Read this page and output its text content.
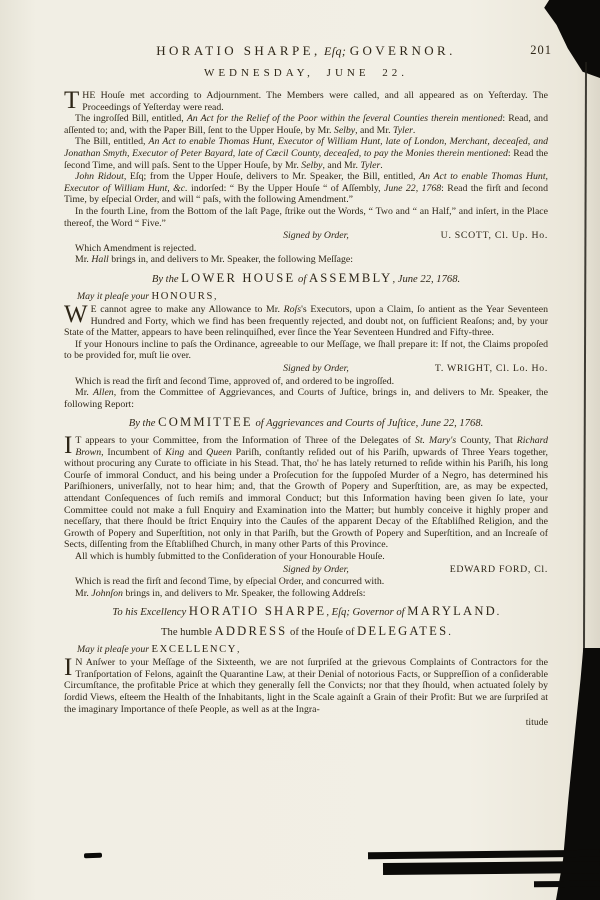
HORATIO SHARPE, Eſq; GOVERNOR.	201
WEDNESDAY, JUNE 22.
THE Houſe met according to Adjournment. The Members were called, and all appeared as on Yeſterday. The Proceedings of Yeſterday were read.
The ingroſſed Bill, entitled, An Act for the Relief of the Poor within the ſeveral Counties therein mentioned: Read, and aſſented to; and, with the Paper Bill, ſent to the Upper Houſe, by Mr. Selby, and Mr. Tyler.
The Bill, entitled, An Act to enable Thomas Hunt, Executor of William Hunt, late of London, Merchant, deceaſed, and Jonathan Smyth, Executor of Peter Bayard, late of Cæcil County, deceaſed, to pay the Monies therein mentioned: Read the ſecond Time, and will paſs. Sent to the Upper Houſe, by Mr. Selby, and Mr. Tyler.
John Ridout, Eſq; from the Upper Houſe, delivers to Mr. Speaker, the Bill, entitled, An Act to enable Thomas Hunt, Executor of William Hunt, &c. indorſed: “ By the Upper Houſe “ of Aſſembly, June 22, 1768: Read the firſt and ſecond Time, by eſpecial Order, and will “ paſs, with the following Amendment.”
In the fourth Line, from the Bottom of the laſt Page, ſtrike out the Words, “ Two and “ an Half,” and inſert, in the Place thereof, the Word “ Five.”
Signed by Order,	U. SCOTT, Cl. Up. Ho.
Which Amendment is rejected.
Mr. Hall brings in, and delivers to Mr. Speaker, the following Meſſage:
By the LOWER HOUSE of ASSEMBLY, June 22, 1768.
May it pleaſe your HONOURS,
W E cannot agree to make any Allowance to Mr. Roſs's Executors, upon a Claim, ſo antient as the Year Seventeen Hundred and Forty, which we find has been frequently rejected, and doubt not, on ſufficient Reaſons; and, by your State of the Matter, appears to have been relinquiſhed, ever ſince the Year Seventeen Hundred and Fifty-three.
If your Honours incline to paſs the Ordinance, agreeable to our Meſſage, we ſhall prepare it: If not, the Claims propoſed to be provided for, muſt lie over.
Signed by Order,	T. WRIGHT, Cl. Lo. Ho.
Which is read the firſt and ſecond Time, approved of, and ordered to be ingroſſed.
Mr. Allen, from the Committee of Aggrievances, and Courts of Juſtice, brings in, and delivers to Mr. Speaker, the following Report:
By the COMMITTEE of Aggrievances and Courts of Juſtice, June 22, 1768.
I T appears to your Committee, from the Information of Three of the Delegates of St. Mary's County, That Richard Brown, Incumbent of King and Queen Pariſh, conſtantly reſided out of his Pariſh, upwards of Three Years together, without procuring any Curate to officiate in his Stead. That, tho' he has lately returned to reſide within his Pariſh, his long Courſe of immoral Conduct, and his being under a Proſecution for the ſuppoſed Murder of a Negro, has determined his Pariſhioners, univerſally, not to hear him; and, that the Growth of Popery and Superſtition, are, as may be expected, attendant Conſequences of ſuch remiſs and immoral Conduct; but this Information having been given ſo late, your Committee could not make a full Enquiry and Examination into the Matter; but humbly conceive it highly proper and neceſſary, that there ſhould be ſtrict Enquiry into the Cauſes of the apparent Decay of the Eſtabliſhed Religion, and the Growth of Popery and Superſtition, not only in that Pariſh, but the Growth of Popery and Superſtition, and an Increaſe of Sects, diſſenting from the Eſtabliſhed Church, in many other Parts of this Province.
All which is humbly ſubmitted to the Conſideration of your Honourable Houſe.
Signed by Order,	EDWARD FORD, Cl.
Which is read the firſt and ſecond Time, by eſpecial Order, and concurred with.
Mr. Johnſon brings in, and delivers to Mr. Speaker, the following Addreſs:
To his Excellency HORATIO SHARPE, Eſq; Governor of MARYLAND.
The humble ADDRESS of the Houſe of DELEGATES.
May it pleaſe your EXCELLENCY,
I N Anſwer to your Meſſage of the Sixteenth, we are not ſurpriſed at the grievous Complaints of Contractors for the Tranſportation of Felons, againſt the Quarantine Law, at their Denial of notorious Facts, or Suppreſſion of a conſiderable Circumſtance, the profitable Price at which they generally ſell the Convicts; nor that they ſhould, when actuated ſolely by ſordid Views, eſteem the Health of the Inhabitants, light in the Scale againſt a Grain of their Profit: But we are ſurpriſed at the imaginary Importance of theſe People, as well as at the Ingra-
titude
